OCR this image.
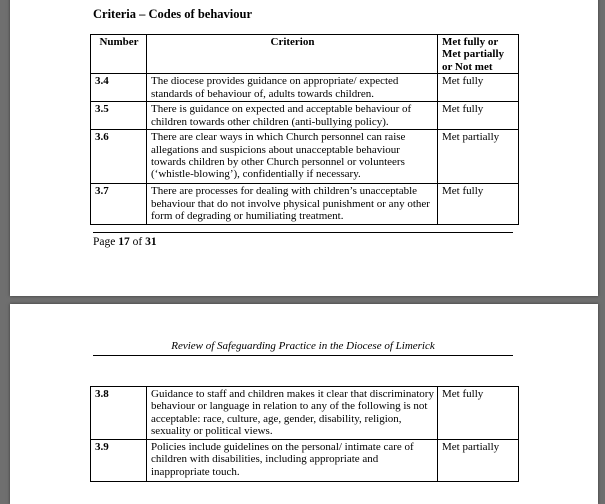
Criteria – Codes of behaviour
Number	Criterion	Met fully or Met partially or Not met
3.4	The diocese provides guidance on appropriate/ expected standards of behaviour of, adults towards children.	Met fully
3.5	There is guidance on expected and acceptable behaviour of children towards other children (anti-bullying policy).	Met fully
3.6	There are clear ways in which Church personnel can raise allegations and suspicions about unacceptable behaviour towards children by other Church personnel or volunteers (‘whistle-blowing’), confidentially if necessary.	Met partially
3.7	There are processes for dealing with children’s unacceptable behaviour that do not involve physical punishment or any other form of degrading or humiliating treatment.	Met fully
Page 17 of 31
Review of Safeguarding Practice in the Diocese of Limerick
3.8	Guidance to staff and children makes it clear that discriminatory behaviour or language in relation to any of the following is not acceptable: race, culture, age, gender, disability, religion, sexuality or political views.	Met fully
3.9	Policies include guidelines on the personal/ intimate care of children with disabilities, including appropriate and inappropriate touch.	Met partially
